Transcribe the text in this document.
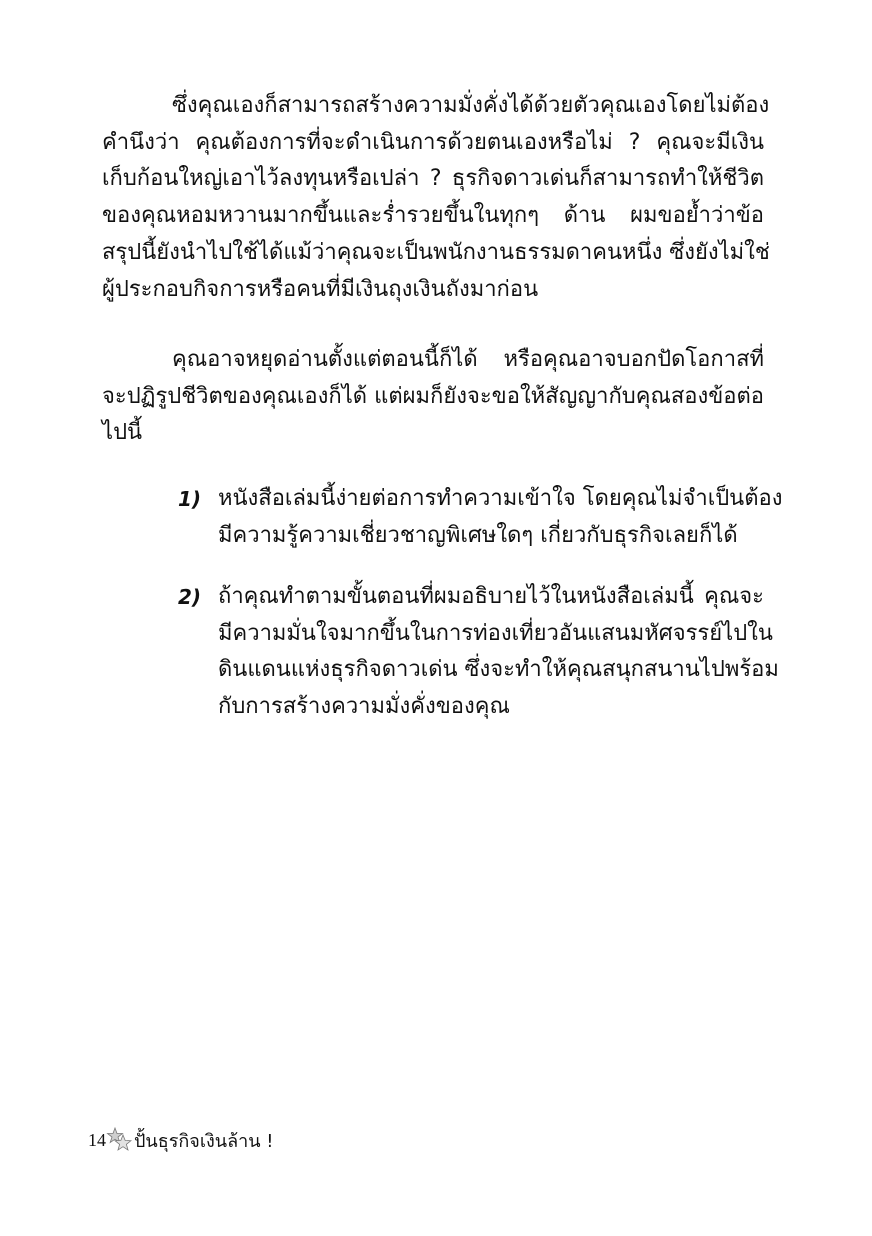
ซึ่งคุณเองก็สามารถสร้างความมั่งคั่งได้ด้วยตัวคุณเองโดยไม่ต้อง
คำนึงว่า คุณต้องการที่จะดำเนินการด้วยตนเองหรือไม่ ? คุณจะมีเงิน
เก็บก้อนใหญ่เอาไว้ลงทุนหรือเปล่า ? ธุรกิจดาวเด่นก็สามารถทำให้ชีวิต
ของคุณหอมหวานมากขึ้นและร่ำรวยขึ้นในทุกๆ ด้าน ผมขอย้ำว่าข้อ
สรุปนี้ยังนำไปใช้ได้แม้ว่าคุณจะเป็นพนักงานธรรมดาคนหนึ่ง ซึ่งยังไม่ใช่
ผู้ประกอบกิจการหรือคนที่มีเงินถุงเงินถังมาก่อน
คุณอาจหยุดอ่านตั้งแต่ตอนนี้ก็ได้ หรือคุณอาจบอกปัดโอกาสที่
จะปฏิรูปชีวิตของคุณเองก็ได้ แต่ผมก็ยังจะขอให้สัญญากับคุณสองข้อต่อ
ไปนี้
1) หนังสือเล่มนี้ง่ายต่อการทำความเข้าใจ โดยคุณไม่จำเป็นต้อง
มีความรู้ความเชี่ยวชาญพิเศษใดๆ เกี่ยวกับธุรกิจเลยก็ได้
2) ถ้าคุณทำตามขั้นตอนที่ผมอธิบายไว้ในหนังสือเล่มนี้ คุณจะ
มีความมั่นใจมากขึ้นในการท่องเที่ยวอันแสนมหัศจรรย์ไปใน
ดินแดนแห่งธุรกิจดาวเด่น ซึ่งจะทำให้คุณสนุกสนานไปพร้อม
กับการสร้างความมั่งคั่งของคุณ
14 ปั้นธุรกิจเงินล้าน !
